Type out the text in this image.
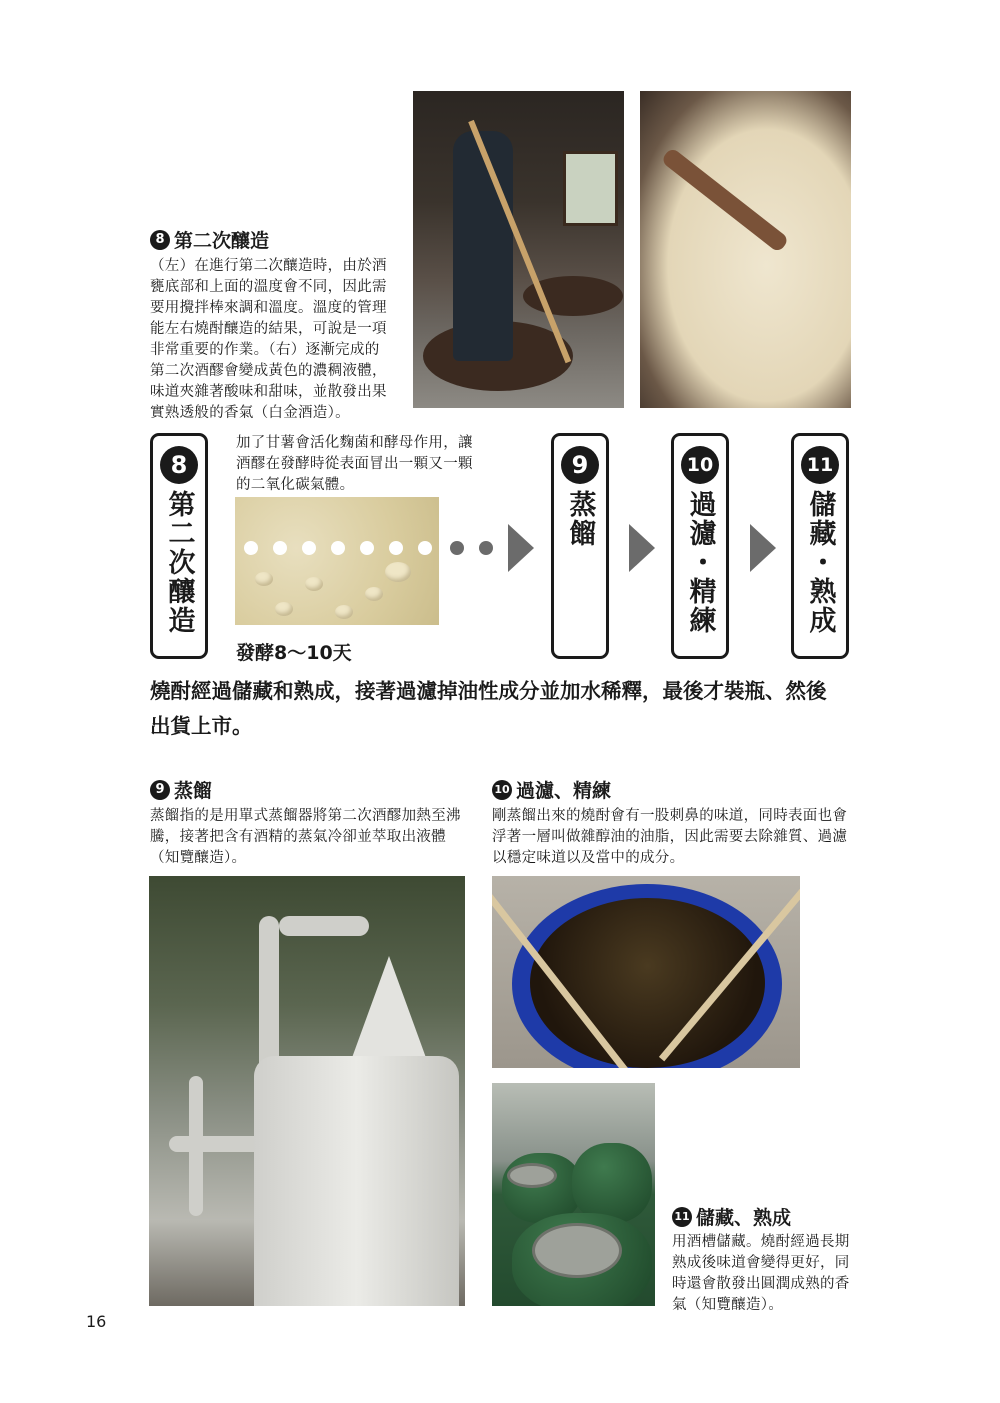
8 第二次釀造
（左）在進行第二次釀造時，由於酒
甕底部和上面的溫度會不同，因此需
要用攪拌棒來調和溫度。溫度的管理
能左右燒酎釀造的結果，可說是一項
非常重要的作業。（右）逐漸完成的
第二次酒醪會變成黃色的濃稠液體，
味道夾雜著酸味和甜味，並散發出果
實熟透般的香氣（白金酒造）。
8
第二次釀造
加了甘薯會活化麴菌和酵母作用，讓
酒醪在發酵時從表面冒出一顆又一顆
的二氧化碳氣體。
發酵8～10天
9
蒸餾
10
過濾・精練
11
儲藏・熟成
燒酎經過儲藏和熟成，接著過濾掉油性成分並加水稀釋，最後才裝瓶、然後
出貨上市。
9 蒸餾
蒸餾指的是用單式蒸餾器將第二次酒醪加熱至沸
騰，接著把含有酒精的蒸氣冷卻並萃取出液體
（知覽釀造）。
10 過濾、精練
剛蒸餾出來的燒酎會有一股刺鼻的味道，同時表面也會
浮著一層叫做雜醇油的油脂，因此需要去除雜質、過濾
以穩定味道以及當中的成分。
11 儲藏、熟成
用酒槽儲藏。燒酎經過長期
熟成後味道會變得更好，同
時還會散發出圓潤成熟的香
氣（知覽釀造）。
16
